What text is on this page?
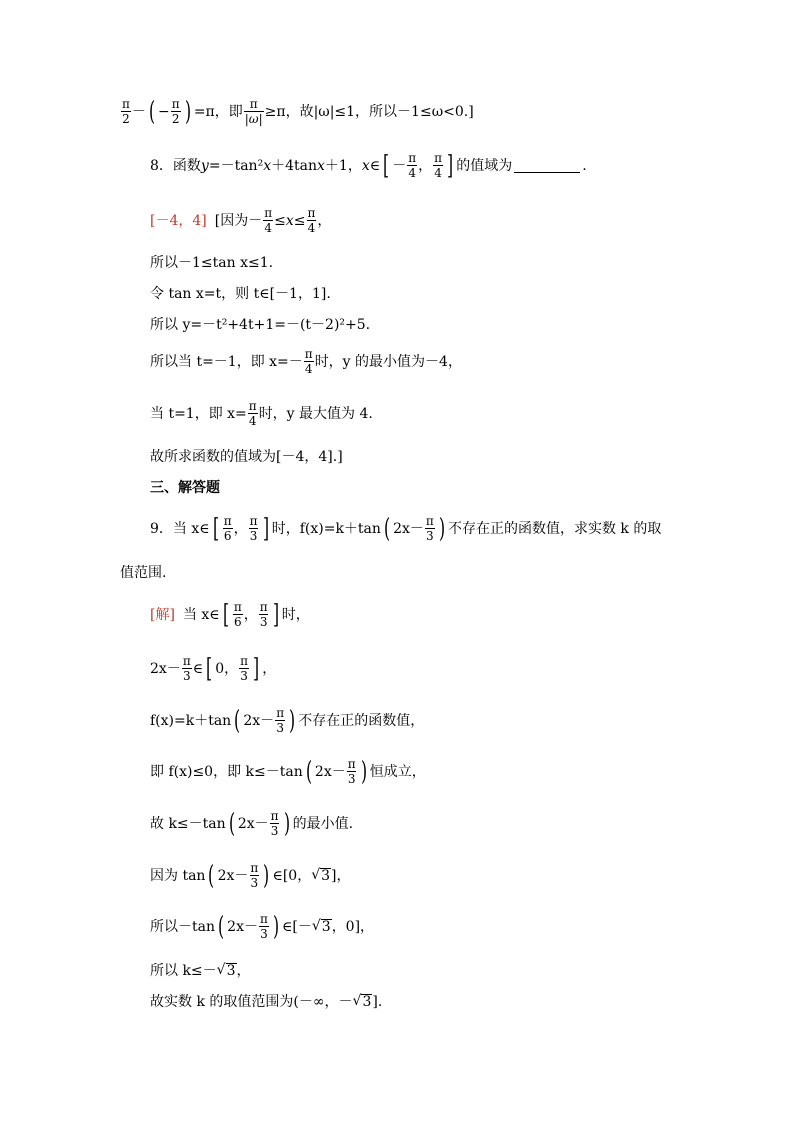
$\frac{\pi}{2}$ － ( − $\frac{\pi}{2}$ ) =π，即 $\frac{\pi}{|\omega|} \ge\pi$，故|ω|≤1，所以－1≤ω<0.]
8．函数 y =－tan² x ＋4tan x ＋1， x ∈ [ － $\frac{\pi}{4}$ ， $\frac{\pi}{4}$ ] 的值域为	.
[－4，4] [因为－ $\frac{\pi}{4} \le x \le \frac{\pi}{4}$ ，
所以－1≤tan x≤1.
令 tan x=t，则 t∈[－1，1].
所以 y=－t²+4t+1=－(t－2)²+5.
所以当 t=－1，即 $x=- \frac{\pi}{4}$ 时，y 的最小值为－4，
当 t=1，即 $x= \frac{\pi}{4}$ 时，y 最大值为 4.
故所求函数的值域为[－4，4].]
三、解答题
9．当 x∈ [ $\frac{\pi}{6}$ ， $\frac{\pi}{3}$ ] 时，f(x)=k＋tan ( $2x- \frac{\pi}{3}$ ) 不存在正的函数值，求实数 k 的取
值范围.
[解] 当 x∈ [ $\frac{\pi}{6}$ ， $\frac{\pi}{3}$ ] 时，
$2x- \frac{\pi}{3}$ ∈ [ 0， $\frac{\pi}{3}$ ] ，
f(x)=k＋tan ( $2x- \frac{\pi}{3}$ ) 不存在正的函数值，
即 f(x)≤0，即 k≤－tan ( $2x- \frac{\pi}{3}$ ) 恒成立，
故 k≤－tan ( $2x- \frac{\pi}{3}$ ) 的最小值.
因为 tan ( $2x- \frac{\pi}{3}$ ) ∈[0， √ 3 ]，
所以－tan ( $2x- \frac{\pi}{3}$ ) ∈[－ √ 3 ，0]，
所以 k≤－ √ 3 ，
故实数 k 的取值范围为(－∞，－ √ 3 ].
